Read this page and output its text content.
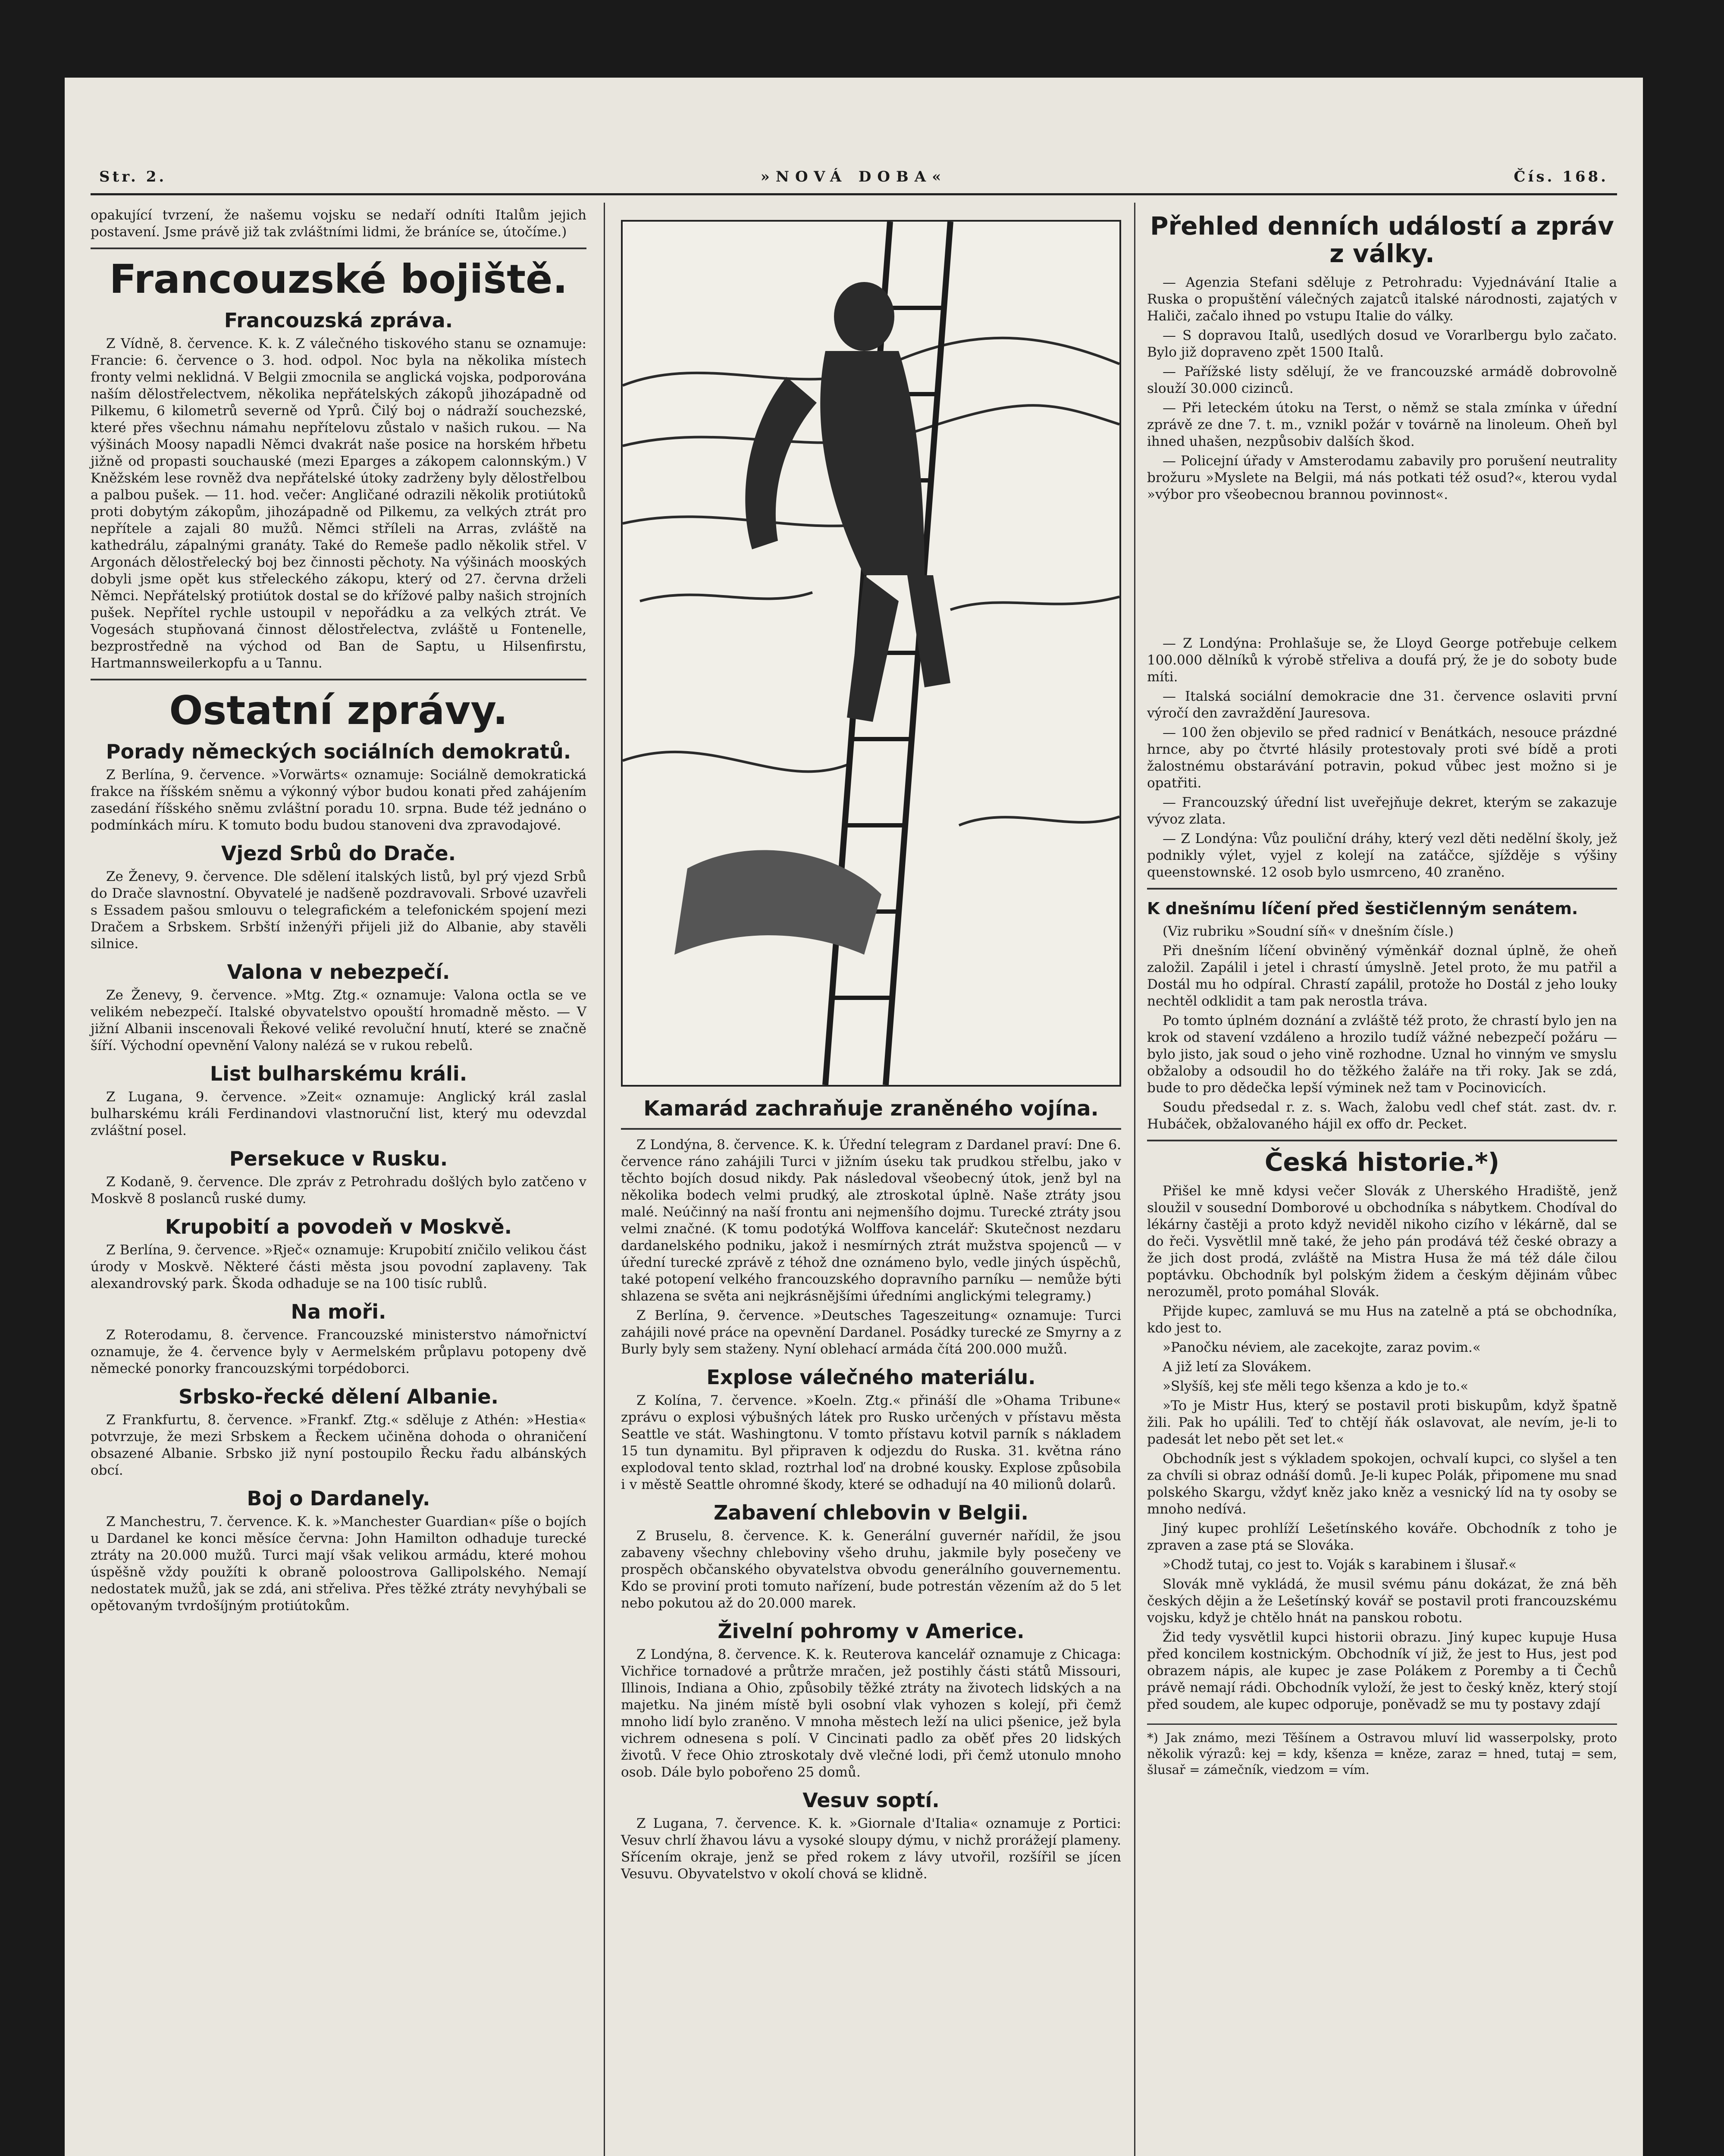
Str. 2.	»NOVÁ DOBA«	Čís. 168.

opakující tvrzení, že našemu vojsku se nedaří odníti Italům jejich postavení. Jsme právě již tak zvláštními lidmi, že bráníce se, útočíme.)

Francouzské bojiště.
Francouzská zpráva.

Z Vídně, 8. července. K. k. Z válečného tiskového stanu se oznamuje: Francie: 6. července o 3. hod. odpol. Noc byla na několika místech fronty velmi neklidná. V Belgii zmocnila se anglická vojska, podporována naším dělostřelectvem, několika nepřátelských zákopů jihozápadně od Pilkemu, 6 kilometrů severně od Yprů. Čilý boj o nádraží souchezské, které přes všechnu námahu nepřítelovu zůstalo v našich rukou. — Na výšinách Moosy napadli Němci dvakrát naše posice na horském hřbetu jižně od propasti souchauské (mezi Eparges a zákopem calonnským.) V Kněžském lese rovněž dva nepřátelské útoky zadrženy byly dělostřelbou a palbou pušek. — 11. hod. večer: Angličané odrazili několik protiútoků proti dobytým zákopům, jihozápadně od Pilkemu, za velkých ztrát pro nepřítele a zajali 80 mužů. Němci stříleli na Arras, zvláště na kathedrálu, zápalnými granáty. Také do Remeše padlo několik střel. V Argonách dělostřelecký boj bez činnosti pěchoty. Na výšinách mooských dobyli jsme opět kus střeleckého zákopu, který od 27. června drželi Němci. Nepřátelský protiútok dostal se do křížové palby našich strojních pušek. Nepřítel rychle ustoupil v nepořádku a za velkých ztrát. Ve Vogesách stupňovaná činnost dělostřelectva, zvláště u Fontenelle, bezprostředně na východ od Ban de Saptu, u Hilsenfirstu, Hartmannsweilerkopfu a u Tannu.

Ostatní zprávy.
Porady německých sociálních demokratů.

Z Berlína, 9. července. »Vorwärts« oznamuje: Sociálně demokratická frakce na říšském sněmu a výkonný výbor budou konati před zahájením zasedání říšského sněmu zvláštní poradu 10. srpna. Bude též jednáno o podmínkách míru. K tomuto bodu budou stanoveni dva zpravodajové.

Vjezd Srbů do Drače.

Ze Ženevy, 9. července. Dle sdělení italských listů, byl prý vjezd Srbů do Drače slavnostní. Obyvatelé je nadšeně pozdravovali. Srbové uzavřeli s Essadem pašou smlouvu o telegrafickém a telefonickém spojení mezi Dračem a Srbskem. Srbští inženýři přijeli již do Albanie, aby stavěli silnice.

Valona v nebezpečí.

Ze Ženevy, 9. července. »Mtg. Ztg.« oznamuje: Valona octla se ve velikém nebezpečí. Italské obyvatelstvo opouští hromadně město. — V jižní Albanii inscenovali Řekové veliké revoluční hnutí, které se značně šíří. Východní opevnění Valony nalézá se v rukou rebelů.

List bulharskému králi.

Z Lugana, 9. července. »Zeit« oznamuje: Anglický král zaslal bulharskému králi Ferdinandovi vlastnoruční list, který mu odevzdal zvláštní posel.

Persekuce v Rusku.

Z Kodaně, 9. července. Dle zpráv z Petrohradu došlých bylo zatčeno v Moskvě 8 poslanců ruské dumy.

Krupobití a povodeň v Moskvě.

Z Berlína, 9. července. »Rječ« oznamuje: Krupobití zničilo velikou část úrody v Moskvě. Některé části města jsou povodní zaplaveny. Tak alexandrovský park. Škoda odhaduje se na 100 tisíc rublů.

Na moři.

Z Roterodamu, 8. července. Francouzské ministerstvo námořnictví oznamuje, že 4. července byly v Aermelském průplavu potopeny dvě německé ponorky francouzskými torpédoborci.

Srbsko-řecké dělení Albanie.

Z Frankfurtu, 8. července. »Frankf. Ztg.« sděluje z Athén: »Hestia« potvrzuje, že mezi Srbskem a Řeckem učiněna dohoda o ohraničení obsazené Albanie. Srbsko již nyní postoupilo Řecku řadu albánských obcí.

Boj o Dardanely.

Z Manchestru, 7. července. K. k. »Manchester Guardian« píše o bojích u Dardanel ke konci měsíce června: John Hamilton odhaduje turecké ztráty na 20.000 mužů. Turci mají však velikou armádu, které mohou úspěšně vždy použíti k obraně poloostrova Gallipolského. Nemají nedostatek mužů, jak se zdá, ani střeliva. Přes těžké ztráty nevyhýbali se opětovaným tvrdošíjným protiútokům.

Kamarád zachraňuje zraněného vojína.

Z Londýna, 8. července. K. k. Úřední telegram z Dardanel praví: Dne 6. července ráno zahájili Turci v jižním úseku tak prudkou střelbu, jako v těchto bojích dosud nikdy. Pak následoval všeobecný útok, jenž byl na několika bodech velmi prudký, ale ztroskotal úplně. Naše ztráty jsou malé. Neúčinný na naší frontu ani nejmenšího dojmu. Turecké ztráty jsou velmi značné. (K tomu podotýká Wolffova kancelář: Skutečnost nezdaru dardanelského podniku, jakož i nesmírných ztrát mužstva spojenců — v úřední turecké zprávě z téhož dne oznámeno bylo, vedle jiných úspěchů, také potopení velkého francouzského dopravního parníku — nemůže býti shlazena se světa ani nejkrásnějšími úředními anglickými telegramy.)

Z Berlína, 9. července. »Deutsches Tageszeitung« oznamuje: Turci zahájili nové práce na opevnění Dardanel. Posádky turecké ze Smyrny a z Burly byly sem staženy. Nyní oblehací armáda čítá 200.000 mužů.

Explose válečného materiálu.

Z Kolína, 7. července. »Koeln. Ztg.« přináší dle »Ohama Tribune« zprávu o explosi výbušných látek pro Rusko určených v přístavu města Seattle ve stát. Washingtonu. V tomto přístavu kotvil parník s nákladem 15 tun dynamitu. Byl připraven k odjezdu do Ruska. 31. května ráno explodoval tento sklad, roztrhal loď na drobné kousky. Explose způsobila i v městě Seattle ohromné škody, které se odhadují na 40 milionů dolarů.

Zabavení chlebovin v Belgii.

Z Bruselu, 8. července. K. k. Generální guvernér nařídil, že jsou zabaveny všechny chleboviny všeho druhu, jakmile byly posečeny ve prospěch občanského obyvatelstva obvodu generálního gouvernementu. Kdo se proviní proti tomuto nařízení, bude potrestán vězením až do 5 let nebo pokutou až do 20.000 marek.

Živelní pohromy v Americe.

Z Londýna, 8. července. K. k. Reuterova kancelář oznamuje z Chicaga: Vichřice tornadové a průtrže mračen, jež postihly části států Missouri, Illinois, Indiana a Ohio, způsobily těžké ztráty na životech lidských a na majetku. Na jiném místě byli osobní vlak vyhozen s kolejí, při čemž mnoho lidí bylo zraněno. V mnoha městech leží na ulici pšenice, jež byla vichrem odnesena s polí. V Cincinati padlo za oběť přes 20 lidských životů. V řece Ohio ztroskotaly dvě vlečné lodi, při čemž utonulo mnoho osob. Dále bylo pobořeno 25 domů.

Vesuv soptí.

Z Lugana, 7. července. K. k. »Giornale d'Italia« oznamuje z Portici: Vesuv chrlí žhavou lávu a vysoké sloupy dýmu, v nichž prorážejí plameny. Sřícením okraje, jenž se před rokem z lávy utvořil, rozšířil se jícen Vesuvu. Obyvatelstvo v okolí chová se klidně.

Přehled denních událostí a zpráv z války.

— Agenzia Stefani sděluje z Petrohradu: Vyjednávání Italie a Ruska o propuštění válečných zajatců italské národnosti, zajatých v Haliči, začalo ihned po vstupu Italie do války.

— S dopravou Italů, usedlých dosud ve Vorarlbergu bylo začato. Bylo již dopraveno zpět 1500 Italů.

— Pařížské listy sdělují, že ve francouzské armádě dobrovolně slouží 30.000 cizinců.

— Při leteckém útoku na Terst, o němž se stala zmínka v úřední zprávě ze dne 7. t. m., vznikl požár v továrně na linoleum. Oheň byl ihned uhašen, nezpůsobiv dalších škod.

— Policejní úřady v Amsterodamu zabavily pro porušení neutrality brožuru »Myslete na Belgii, má nás potkati též osud?«, kterou vydal »výbor pro všeobecnou brannou povinnost«.

— Z Londýna: Prohlašuje se, že Lloyd George potřebuje celkem 100.000 dělníků k výrobě střeliva a doufá prý, že je do soboty bude míti.

— Italská sociální demokracie dne 31. července oslaviti první výročí den zavraždění Jauresova.

— 100 žen objevilo se před radnicí v Benátkách, nesouce prázdné hrnce, aby po čtvrté hlásily protestovaly proti své bídě a proti žalostnému obstarávání potravin, pokud vůbec jest možno si je opatřiti.

— Francouzský úřední list uveřejňuje dekret, kterým se zakazuje vývoz zlata.

— Z Londýna: Vůz pouliční dráhy, který vezl děti nedělní školy, jež podnikly výlet, vyjel z kolejí na zatáčce, sjížděje s výšiny queenstownské. 12 osob bylo usmrceno, 40 zraněno.

K dnešnímu líčení před šestičlenným senátem.

(Viz rubriku »Soudní síň« v dnešním čísle.)

Při dnešním líčení obviněný výměnkář doznal úplně, že oheň založil. Zapálil i jetel i chrastí úmyslně. Jetel proto, že mu patřil a Dostál mu ho odpíral. Chrastí zapálil, protože ho Dostál z jeho louky nechtěl odklidit a tam pak nerostla tráva.

Po tomto úplném doznání a zvláště též proto, že chrastí bylo jen na krok od stavení vzdáleno a hrozilo tudíž vážné nebezpečí požáru — bylo jisto, jak soud o jeho vině rozhodne. Uznal ho vinným ve smyslu obžaloby a odsoudil ho do těžkého žaláře na tři roky. Jak se zdá, bude to pro dědečka lepší výminek než tam v Pocinovicích.

Soudu předsedal r. z. s. Wach, žalobu vedl chef stát. zast. dv. r. Hubáček, obžalovaného hájil ex offo dr. Pecket.

Česká historie.*)

Přišel ke mně kdysi večer Slovák z Uherského Hradiště, jenž sloužil v sousední Domborové u obchodníka s nábytkem. Chodíval do lékárny častěji a proto když neviděl nikoho cizího v lékárně, dal se do řeči. Vysvětlil mně také, že jeho pán prodává též české obrazy a že jich dost prodá, zvláště na Mistra Husa že má též dále čilou poptávku. Obchodník byl polským židem a českým dějinám vůbec nerozuměl, proto pomáhal Slovák.

Přijde kupec, zamluvá se mu Hus na zatelně a ptá se obchodníka, kdo jest to.

»Panočku néviem, ale zacekojte, zaraz povim.«

A již letí za Slovákem.

»Slyšíš, kej sťe měli tego kšenza a kdo je to.«

»To je Mistr Hus, který se postavil proti biskupům, když špatně žili. Pak ho upálili. Teď to chtějí ňák oslavovat, ale nevím, je-li to padesát let nebo pět set let.«

Obchodník jest s výkladem spokojen, ochvalí kupci, co slyšel a ten za chvíli si obraz odnáší domů. Je-li kupec Polák, připomene mu snad polského Skargu, vždyť kněz jako kněz a vesnický líd na ty osoby se mnoho nedívá.

Jiný kupec prohlíží Lešetínského kováře. Obchodník z toho je zpraven a zase ptá se Slováka.

»Chodž tutaj, co jest to. Voják s karabinem i šlusař.«

Slovák mně vykládá, že musil svému pánu dokázat, že zná běh českých dějin a že Lešetínský kovář se postavil proti francouzskému vojsku, když je chtělo hnát na panskou robotu.

Žid tedy vysvětlil kupci historii obrazu. Jiný kupec kupuje Husa před koncilem kostnickým. Obchodník ví již, že jest to Hus, jest pod obrazem nápis, ale kupec je zase Polákem z Poremby a ti Čechů právě nemají rádi. Obchodník vyloží, že jest to český kněz, který stojí před soudem, ale kupec odporuje, poněvadž se mu ty postavy zdají

*) Jak známo, mezi Těšínem a Ostravou mluví lid wasserpolsky, proto několik výrazů: kej = kdy, kšenza = kněze, zaraz = hned, tutaj = sem, šlusař = zámečník, viedzom = vím.
